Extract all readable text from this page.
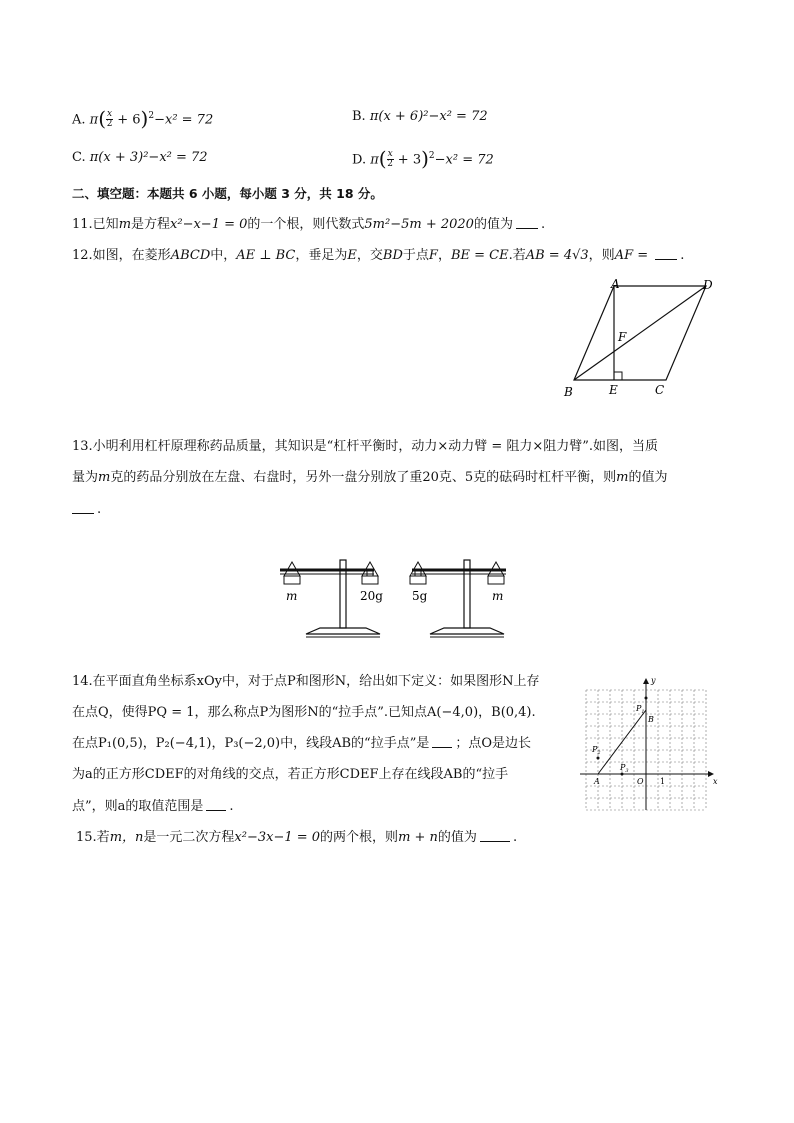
A. $\pi( \frac{x}{2} + 6)^2-x^2 = 72$	B. π(x + 6)²−x² = 72
C. π(x + 3)²−x² = 72	D. $\pi( \frac{x}{2} + 3)^2-x^2 = 72$
二、填空题：本题共 6 小题，每小题 3 分，共 18 分。
11.已知m是方程x²−x−1 = 0的一个根，则代数式5m²−5m + 2020的值为 .
12.如图，在菱形ABCD中，AE ⊥ BC，垂足为E，交BD于点F，BE = CE.若AB = 4√3，则AF = .
A	D
F
B	E	C
13.小明利用杠杆原理称药品质量，其知识是“杠杆平衡时，动力×动力臂 = 阻力×阻力臂”.如图，当质
量为m克的药品分别放在左盘、右盘时，另外一盘分别放了重20克、5克的砝码时杠杆平衡，则m的值为
.
m	20g 5g	m
14.在平面直角坐标系xOy中，对于点P和图形N，给出如下定义：如果图形N上存
在点Q，使得PQ = 1，那么称点P为图形N的“拉手点”.已知点A(−4,0)，B(0,4).
在点P₁(0,5)，P₂(−4,1)，P₃(−2,0)中，线段AB的“拉手点”是 ；点O是边长
为a的正方形CDEF的对角线的交点，若正方形CDEF上存在线段AB的“拉手
点”，则a的取值范围是 .
y
x
O 1
A
B
$P_1$
$P_2$
$P_3$
15.若m，n是一元二次方程x²−3x−1 = 0的两个根，则m + n的值为	.
